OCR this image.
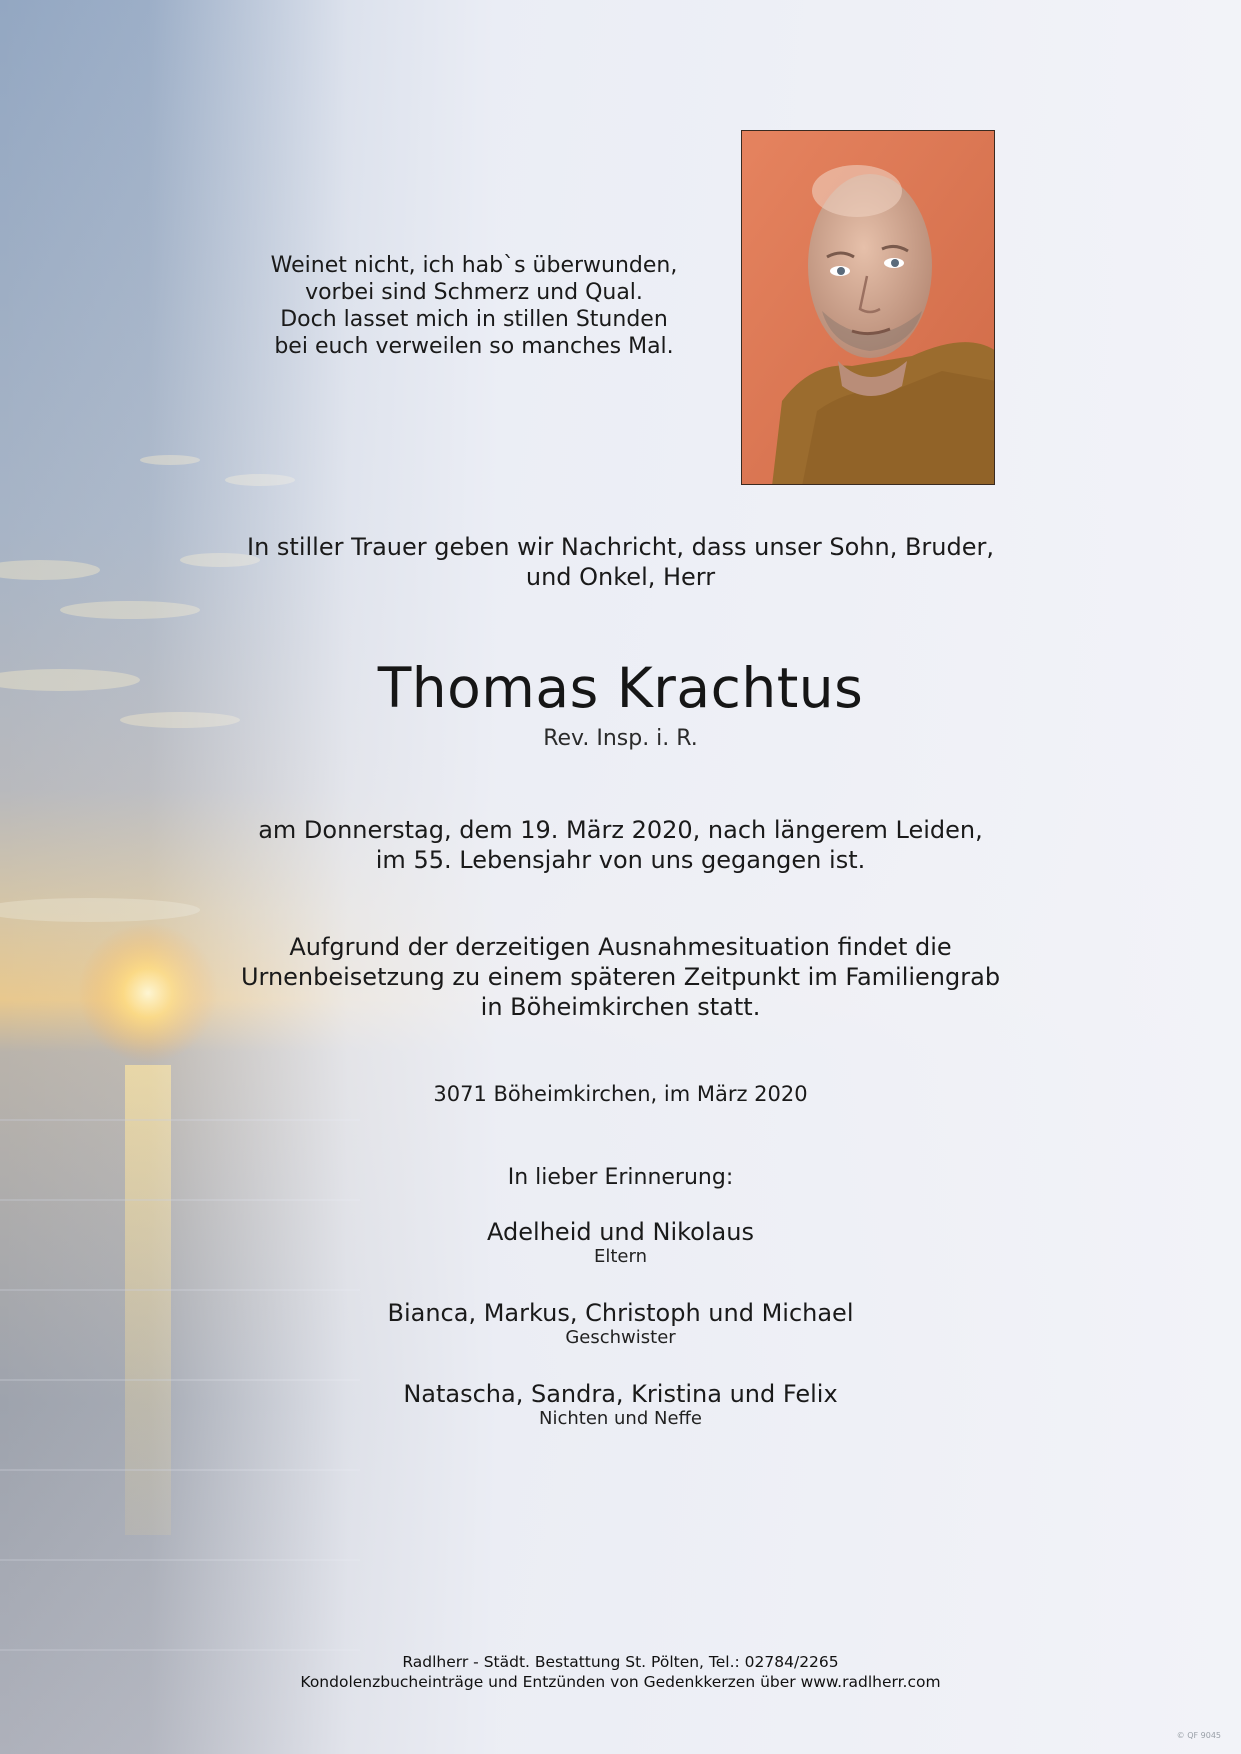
Weinet nicht, ich hab`s überwunden,
vorbei sind Schmerz und Qual.
Doch lasset mich in stillen Stunden
bei euch verweilen so manches Mal.
In stiller Trauer geben wir Nachricht, dass unser Sohn, Bruder,
und Onkel, Herr
Thomas Krachtus
Rev. Insp. i. R.
am Donnerstag, dem 19. März 2020, nach längerem Leiden,
im 55. Lebensjahr von uns gegangen ist.
Aufgrund der derzeitigen Ausnahmesituation findet die
Urnenbeisetzung zu einem späteren Zeitpunkt im Familiengrab
in Böheimkirchen statt.
3071 Böheimkirchen, im März 2020
In lieber Erinnerung:
Adelheid und Nikolaus
Eltern
Bianca, Markus, Christoph und Michael
Geschwister
Natascha, Sandra, Kristina und Felix
Nichten und Neffe
Radlherr - Städt. Bestattung St. Pölten, Tel.: 02784/2265
Kondolenzbucheinträge und Entzünden von Gedenkkerzen über www.radlherr.com
© QF 9045
